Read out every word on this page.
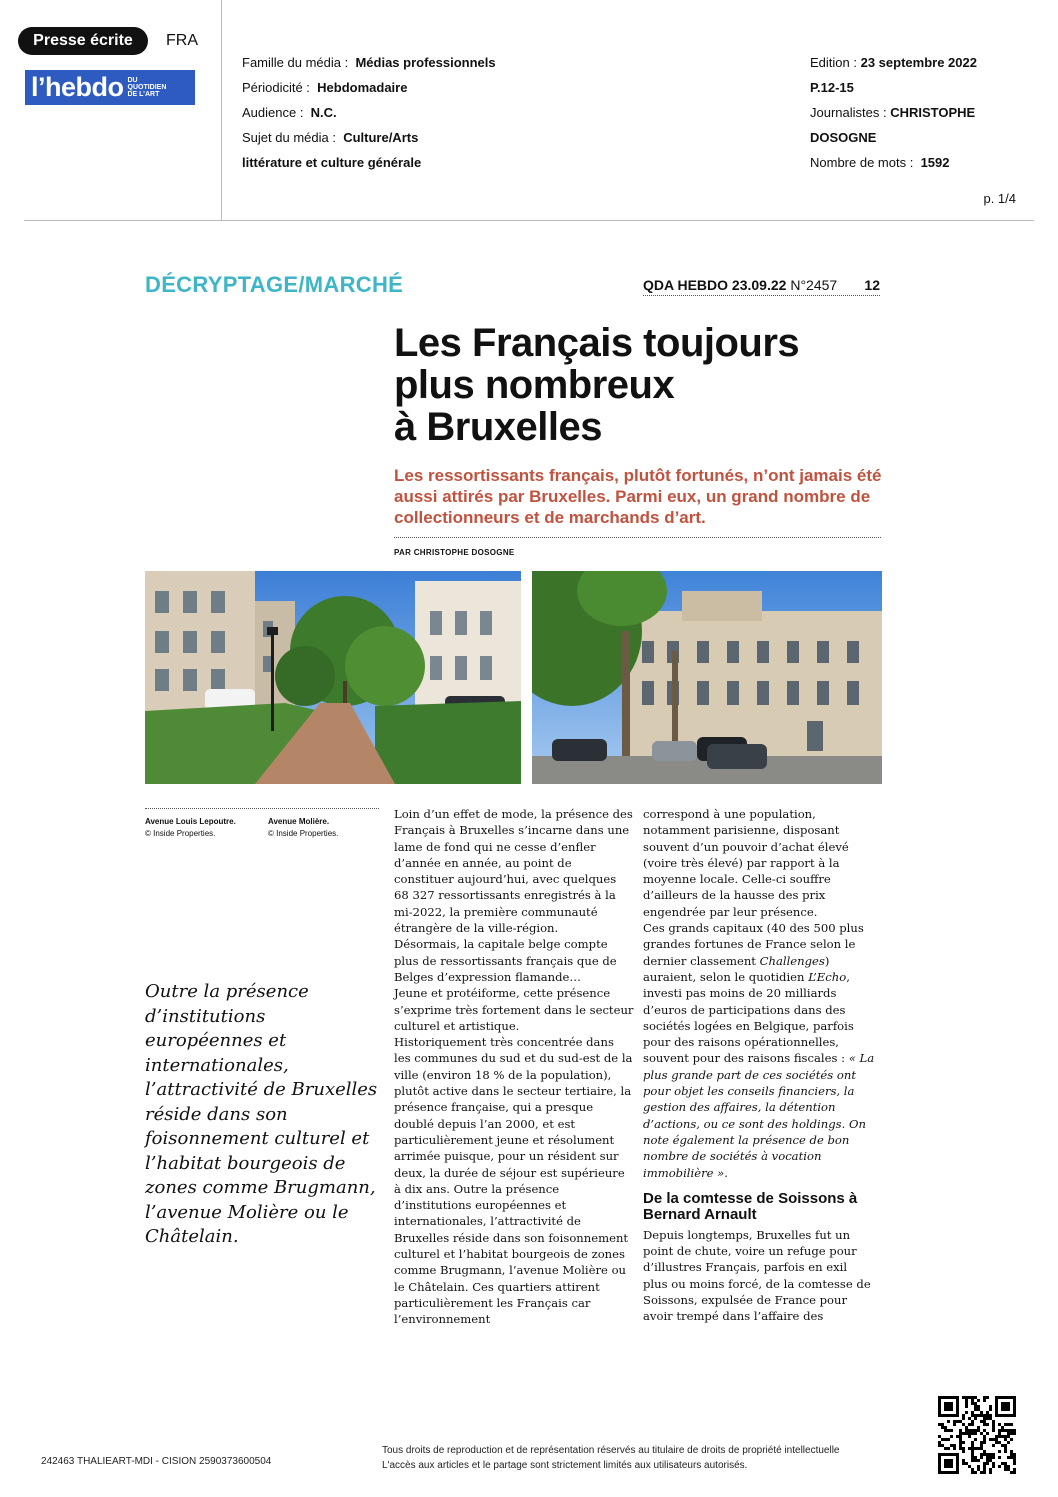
Presse écrite	FRA
l’hebdo DU
QUOTIDIEN
DE L’ART
Famille du média : Médias professionnels
Périodicité : Hebdomadaire
Audience : N.C.
Sujet du média : Culture/Arts
littérature et culture générale
Edition : 23 septembre 2022
P.12-15
Journalistes : CHRISTOPHE
DOSOGNE
Nombre de mots : 1592
p. 1/4
DÉCRYPTAGE/MARCHÉ	QDA HEBDO 23.09.22 N°2457 12
Les Français toujours
plus nombreux
à Bruxelles
Les ressortissants français, plutôt fortunés, n’ont jamais été aussi attirés par Bruxelles. Parmi eux, un grand nombre de collectionneurs et de marchands d’art.
PAR CHRISTOPHE DOSOGNE
Avenue Louis Lepoutre.
© Inside Properties.
Avenue Molière.
© Inside Properties.
Outre la présence d’institutions européennes et internationales, l’attractivité de Bruxelles réside dans son foisonnement culturel et l’habitat bourgeois de zones comme Brugmann, l’avenue Molière ou le Châtelain.

Loin d’un effet de mode, la présence des Français à Bruxelles s’incarne dans une lame de fond qui ne cesse d’enfler d’année en année, au point de constituer aujourd’hui, avec quelques 68 327 ressortissants enregistrés à la mi-2022, la première communauté étrangère de la ville-région.

Désormais, la capitale belge compte plus de ressortissants français que de Belges d’expression flamande…

Jeune et protéiforme, cette présence s’exprime très fortement dans le secteur culturel et artistique.

Historiquement très concentrée dans les communes du sud et du sud-est de la ville (environ 18 % de la population), plutôt active dans le secteur tertiaire, la présence française, qui a presque doublé depuis l’an 2000, et est particulièrement jeune et résolument arrimée puisque, pour un résident sur deux, la durée de séjour est supérieure à dix ans. Outre la présence d’institutions européennes et internationales, l’attractivité de Bruxelles réside dans son foisonnement culturel et l’habitat bourgeois de zones comme Brugmann, l’avenue Molière ou le Châtelain. Ces quartiers attirent particulièrement les Français car l’environnement

correspond à une population, notamment parisienne, disposant souvent d’un pouvoir d’achat élevé (voire très élevé) par rapport à la moyenne locale. Celle-ci souffre d’ailleurs de la hausse des prix engendrée par leur présence.

Ces grands capitaux (40 des 500 plus grandes fortunes de France selon le dernier classement Challenges) auraient, selon le quotidien L’Echo, investi pas moins de 20 milliards d’euros de participations dans des sociétés logées en Belgique, parfois pour des raisons opérationnelles, souvent pour des raisons fiscales : « La plus grande part de ces sociétés ont pour objet les conseils financiers, la gestion des affaires, la détention d’actions, ou ce sont des holdings. On note également la présence de bon nombre de sociétés à vocation immobilière ».

De la comtesse de Soissons à Bernard Arnault

Depuis longtemps, Bruxelles fut un point de chute, voire un refuge pour d’illustres Français, parfois en exil plus ou moins forcé, de la comtesse de Soissons, expulsée de France pour avoir trempé dans l’affaire des

242463 THALIEART-MDI - CISION 2590373600504
Tous droits de reproduction et de représentation réservés au titulaire de droits de propriété intellectuelle
L'accès aux articles et le partage sont strictement limités aux utilisateurs autorisés.
